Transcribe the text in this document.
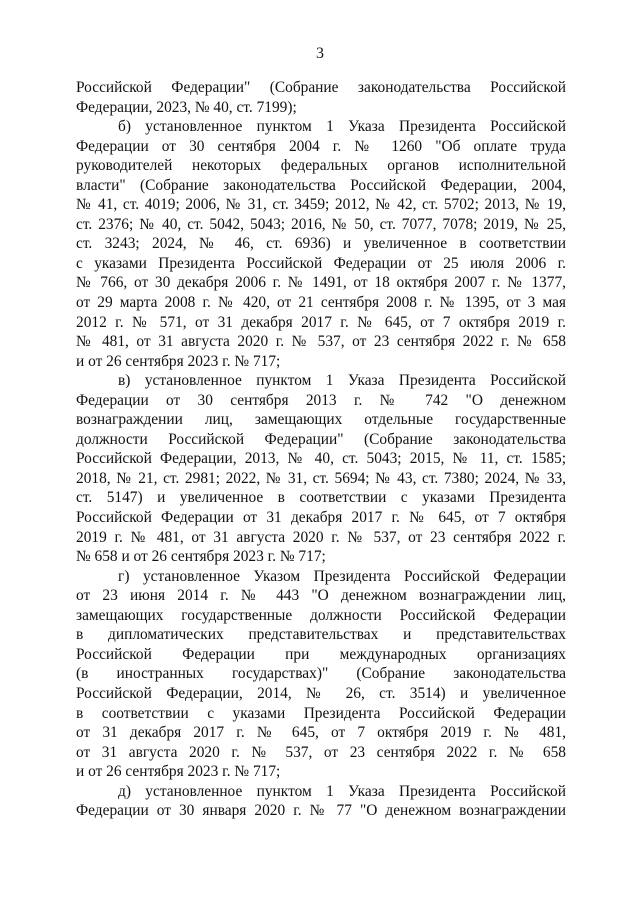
3
Российской Федерации" (Собрание законодательства Российской
Федерации, 2023, № 40, ст. 7199);
б) установленное пунктом 1 Указа Президента Российской
Федерации от 30 сентября 2004 г. № 1260 "Об оплате труда
руководителей некоторых федеральных органов исполнительной
власти" (Собрание законодательства Российской Федерации, 2004,
№ 41, ст. 4019; 2006, № 31, ст. 3459; 2012, № 42, ст. 5702; 2013, № 19,
ст. 2376; № 40, ст. 5042, 5043; 2016, № 50, ст. 7077, 7078; 2019, № 25,
ст. 3243; 2024, № 46, ст. 6936) и увеличенное в соответствии
с указами Президента Российской Федерации от 25 июля 2006 г.
№ 766, от 30 декабря 2006 г. № 1491, от 18 октября 2007 г. № 1377,
от 29 марта 2008 г. № 420, от 21 сентября 2008 г. № 1395, от 3 мая
2012 г. № 571, от 31 декабря 2017 г. № 645, от 7 октября 2019 г.
№ 481, от 31 августа 2020 г. № 537, от 23 сентября 2022 г. № 658
и от 26 сентября 2023 г. № 717;
в) установленное пунктом 1 Указа Президента Российской
Федерации от 30 сентября 2013 г. № 742 "О денежном
вознаграждении лиц, замещающих отдельные государственные
должности Российской Федерации" (Собрание законодательства
Российской Федерации, 2013, № 40, ст. 5043; 2015, № 11, ст. 1585;
2018, № 21, ст. 2981; 2022, № 31, ст. 5694; № 43, ст. 7380; 2024, № 33,
ст. 5147) и увеличенное в соответствии с указами Президента
Российской Федерации от 31 декабря 2017 г. № 645, от 7 октября
2019 г. № 481, от 31 августа 2020 г. № 537, от 23 сентября 2022 г.
№ 658 и от 26 сентября 2023 г. № 717;
г) установленное Указом Президента Российской Федерации
от 23 июня 2014 г. № 443 "О денежном вознаграждении лиц,
замещающих государственные должности Российской Федерации
в дипломатических представительствах и представительствах
Российской Федерации при международных организациях
(в иностранных государствах)" (Собрание законодательства
Российской Федерации, 2014, № 26, ст. 3514) и увеличенное
в соответствии с указами Президента Российской Федерации
от 31 декабря 2017 г. № 645, от 7 октября 2019 г. № 481,
от 31 августа 2020 г. № 537, от 23 сентября 2022 г. № 658
и от 26 сентября 2023 г. № 717;
д) установленное пунктом 1 Указа Президента Российской
Федерации от 30 января 2020 г. № 77 "О денежном вознаграждении
